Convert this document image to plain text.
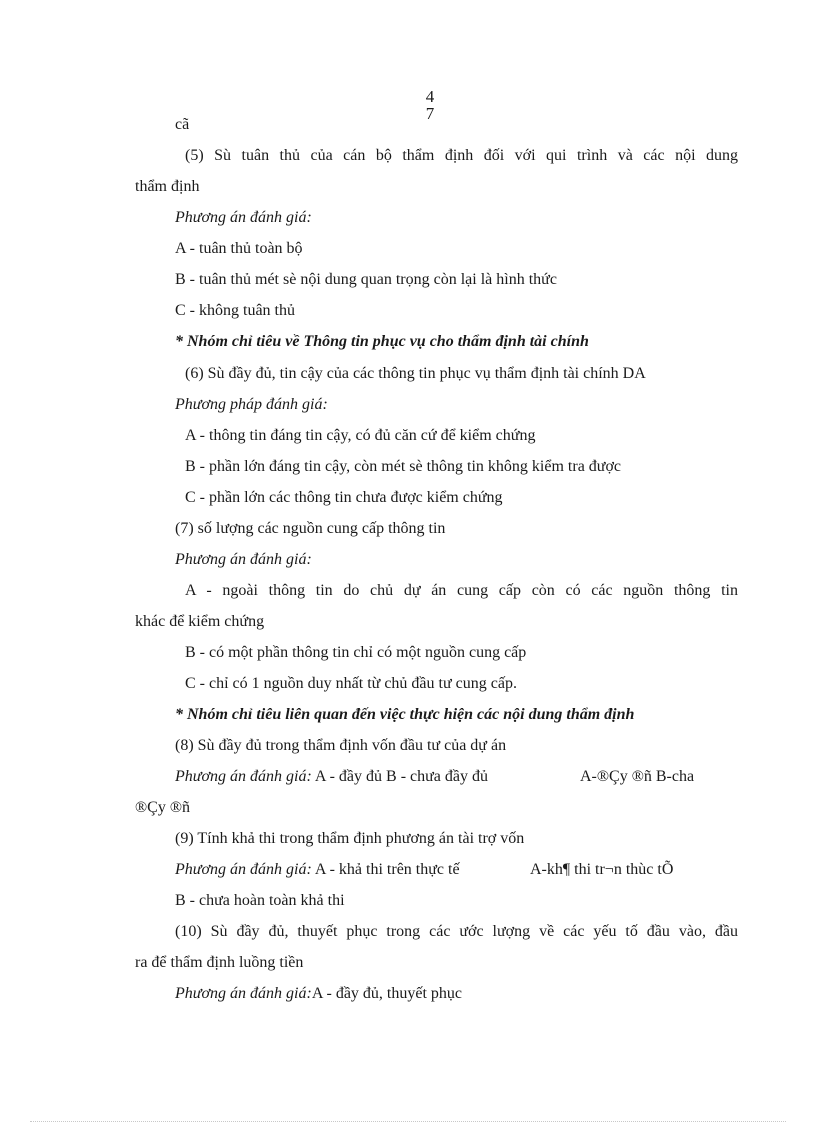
4
7
cã
(5) Sù tuân thủ của cán bộ thẩm định đối với qui trình và các nội dung
thẩm định
Phương án đánh giá:
A - tuân thủ toàn bộ
B - tuân thủ mét sè nội dung quan trọng còn lại là hình thức
C - không tuân thủ
* Nhóm chỉ tiêu về Thông tin phục vụ cho thẩm định tài chính
(6) Sù đầy đủ, tin cậy của các thông tin phục vụ thẩm định tài chính DA
Phương pháp đánh giá:
A - thông tin đáng tin cậy, có đủ căn cứ để kiểm chứng
B - phần lớn đáng tin cậy, còn mét sè thông tin không kiểm tra được
C - phần lớn các thông tin chưa được kiểm chứng
(7) số lượng các nguồn cung cấp thông tin
Phương án đánh giá:
A - ngoài thông tin do chủ dự án cung cấp còn có các nguồn thông tin
khác để kiểm chứng
B - có một phần thông tin chỉ có một nguồn cung cấp
C - chỉ có 1 nguồn duy nhất từ chủ đầu tư cung cấp.
* Nhóm chỉ tiêu liên quan đến việc thực hiện các nội dung thẩm định
(8) Sù đầy đủ trong thẩm định vốn đầu tư của dự án
Phương án đánh giá: A - đầy đủ B - chưa đầy đủ	A-®Çy ®ñ B-cha
®Çy ®ñ
(9) Tính khả thi trong thẩm định phương án tài trợ vốn
Phương án đánh giá: A - khả thi trên thực tế	A-kh¶ thi tr¬n thùc tÕ
B - chưa hoàn toàn khả thi
(10) Sù đầy đủ, thuyết phục trong các ước lượng về các yếu tố đầu vào, đầu
ra để thẩm định luồng tiền
Phương án đánh giá:A - đầy đủ, thuyết phục
